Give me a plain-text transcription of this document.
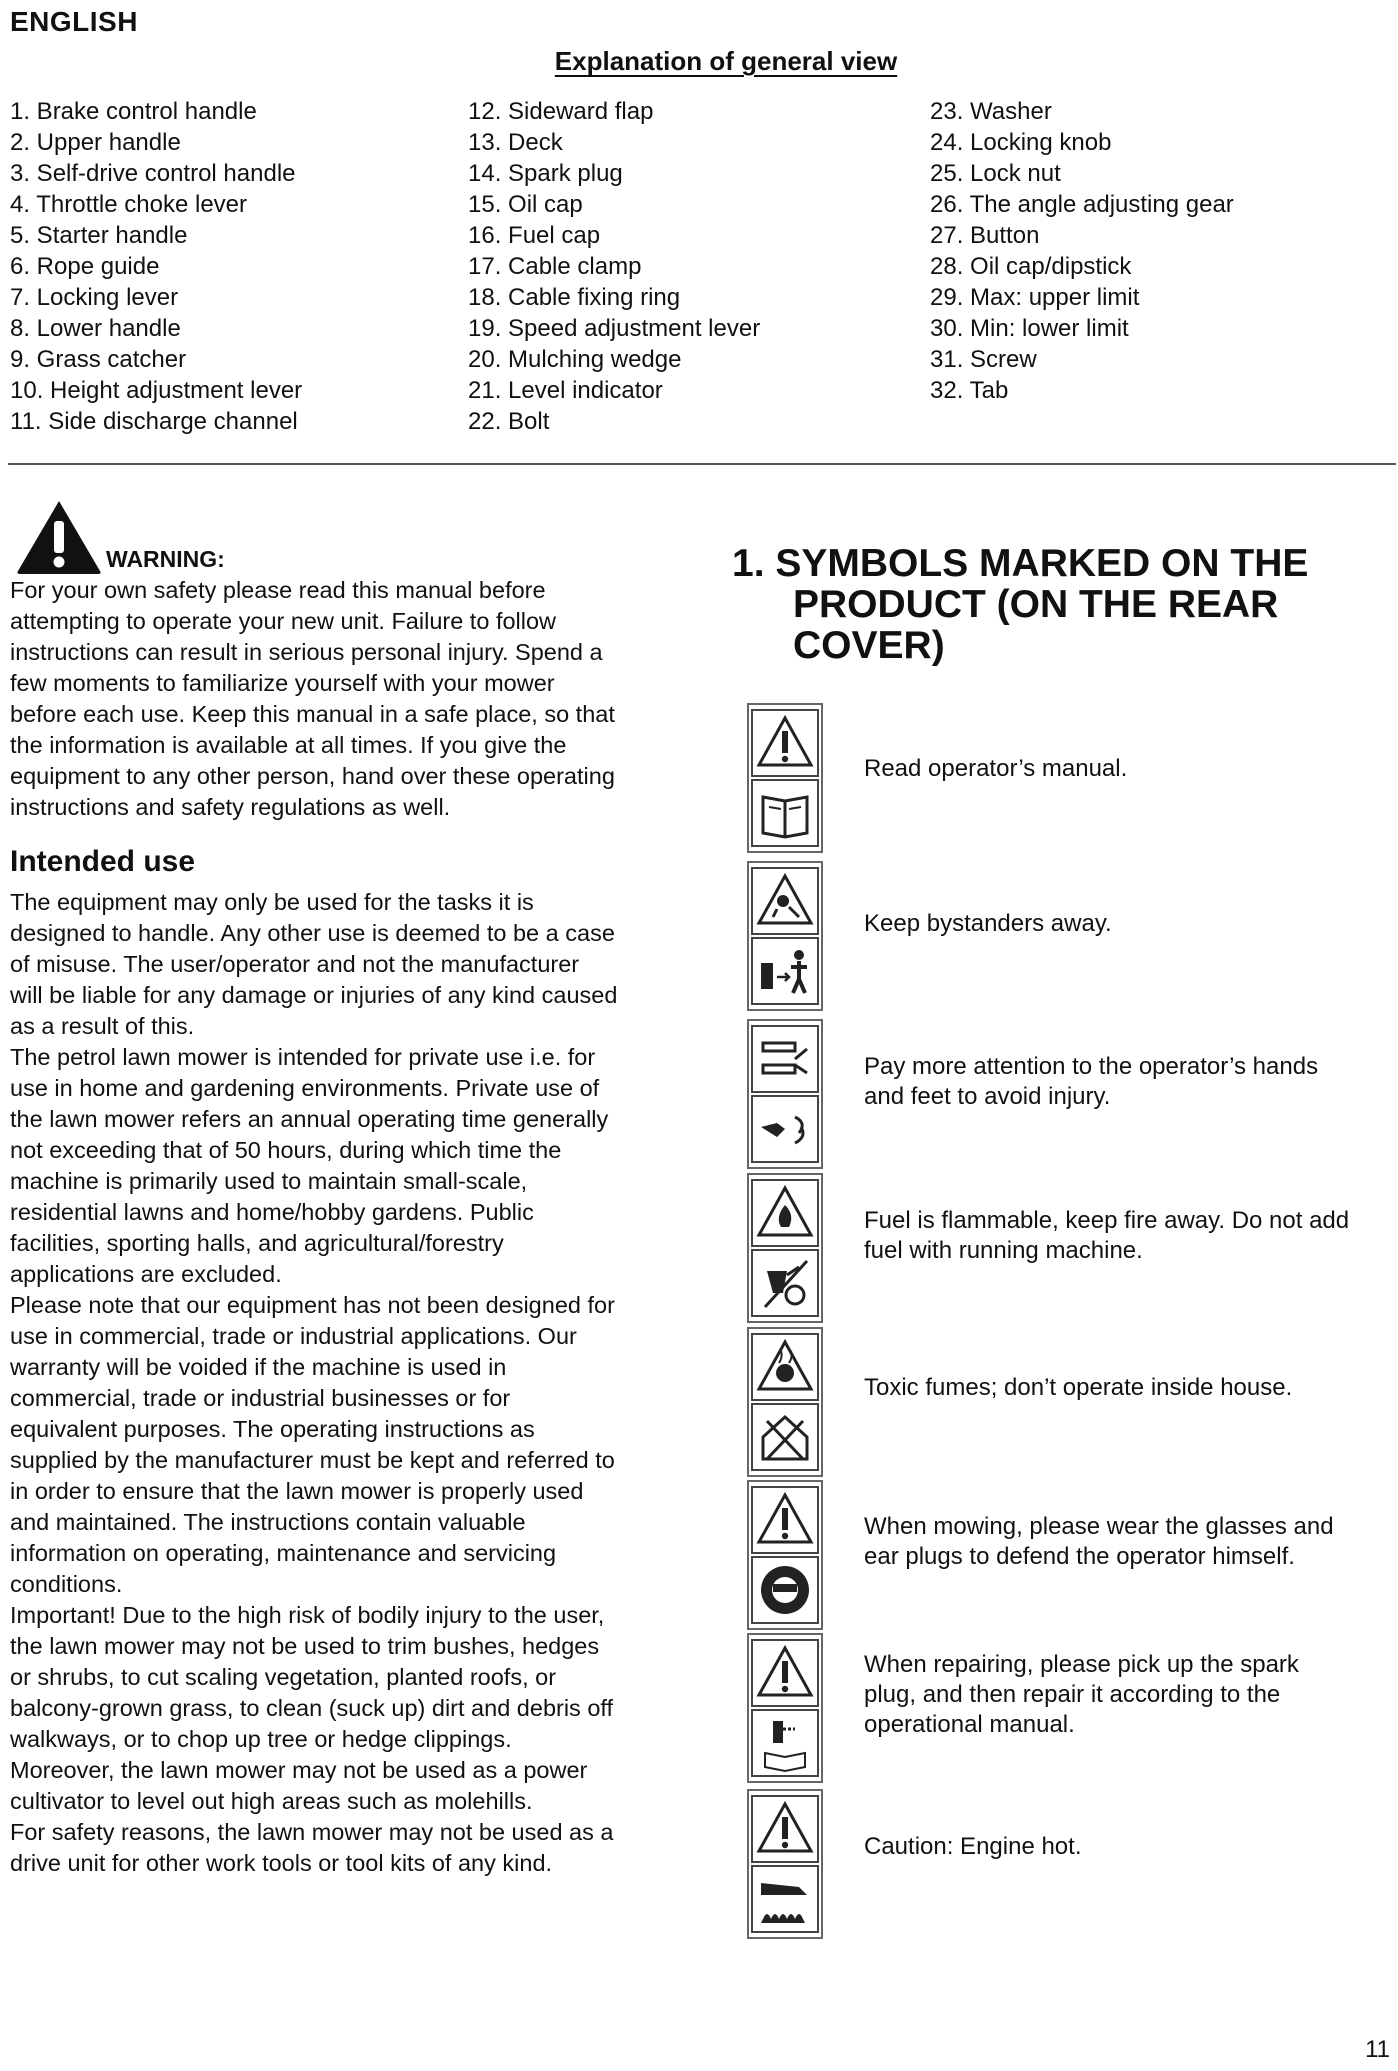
ENGLISH
Explanation of general view
1. Brake control handle
2. Upper handle
3. Self-drive control handle
4. Throttle choke lever
5. Starter handle
6. Rope guide
7. Locking lever
8. Lower handle
9. Grass catcher
10. Height adjustment lever
11. Side discharge channel
12. Sideward flap
13. Deck
14. Spark plug
15. Oil cap
16. Fuel cap
17. Cable clamp
18. Cable fixing ring
19. Speed adjustment lever
20. Mulching wedge
21. Level indicator
22. Bolt
23. Washer
24. Locking knob
25. Lock nut
26. The angle adjusting gear
27. Button
28. Oil cap/dipstick
29. Max: upper limit
30. Min: lower limit
31. Screw
32. Tab
WARNING:
For your own safety please read this manual before
attempting to operate your new unit. Failure to follow
instructions can result in serious personal injury. Spend a
few moments to familiarize yourself with your mower
before each use. Keep this manual in a safe place, so that
the information is available at all times. If you give the
equipment to any other person, hand over these operating
instructions and safety regulations as well.
Intended use
The equipment may only be used for the tasks it is
designed to handle. Any other use is deemed to be a case
of misuse. The user/operator and not the manufacturer
will be liable for any damage or injuries of any kind caused
as a result of this.
The petrol lawn mower is intended for private use i.e. for
use in home and gardening environments. Private use of
the lawn mower refers an annual operating time generally
not exceeding that of 50 hours, during which time the
machine is primarily used to maintain small-scale,
residential lawns and home/hobby gardens. Public
facilities, sporting halls, and agricultural/forestry
applications are excluded.
Please note that our equipment has not been designed for
use in commercial, trade or industrial applications. Our
warranty will be voided if the machine is used in
commercial, trade or industrial businesses or for
equivalent purposes. The operating instructions as
supplied by the manufacturer must be kept and referred to
in order to ensure that the lawn mower is properly used
and maintained. The instructions contain valuable
information on operating, maintenance and servicing
conditions.
Important! Due to the high risk of bodily injury to the user,
the lawn mower may not be used to trim bushes, hedges
or shrubs, to cut scaling vegetation, planted roofs, or
balcony-grown grass, to clean (suck up) dirt and debris off
walkways, or to chop up tree or hedge clippings.
Moreover, the lawn mower may not be used as a power
cultivator to level out high areas such as molehills.
For safety reasons, the lawn mower may not be used as a
drive unit for other work tools or tool kits of any kind.
1. SYMBOLS MARKED ON THE
PRODUCT (ON THE REAR
COVER)
Read operator’s manual.
Keep bystanders away.
Pay more attention to the operator’s hands
and feet to avoid injury.
Fuel is flammable, keep fire away. Do not add
fuel with running machine.
Toxic fumes; don’t operate inside house.
When mowing, please wear the glasses and
ear plugs to defend the operator himself.
When repairing, please pick up the spark
plug, and then repair it according to the
operational manual.
Caution: Engine hot.
11
